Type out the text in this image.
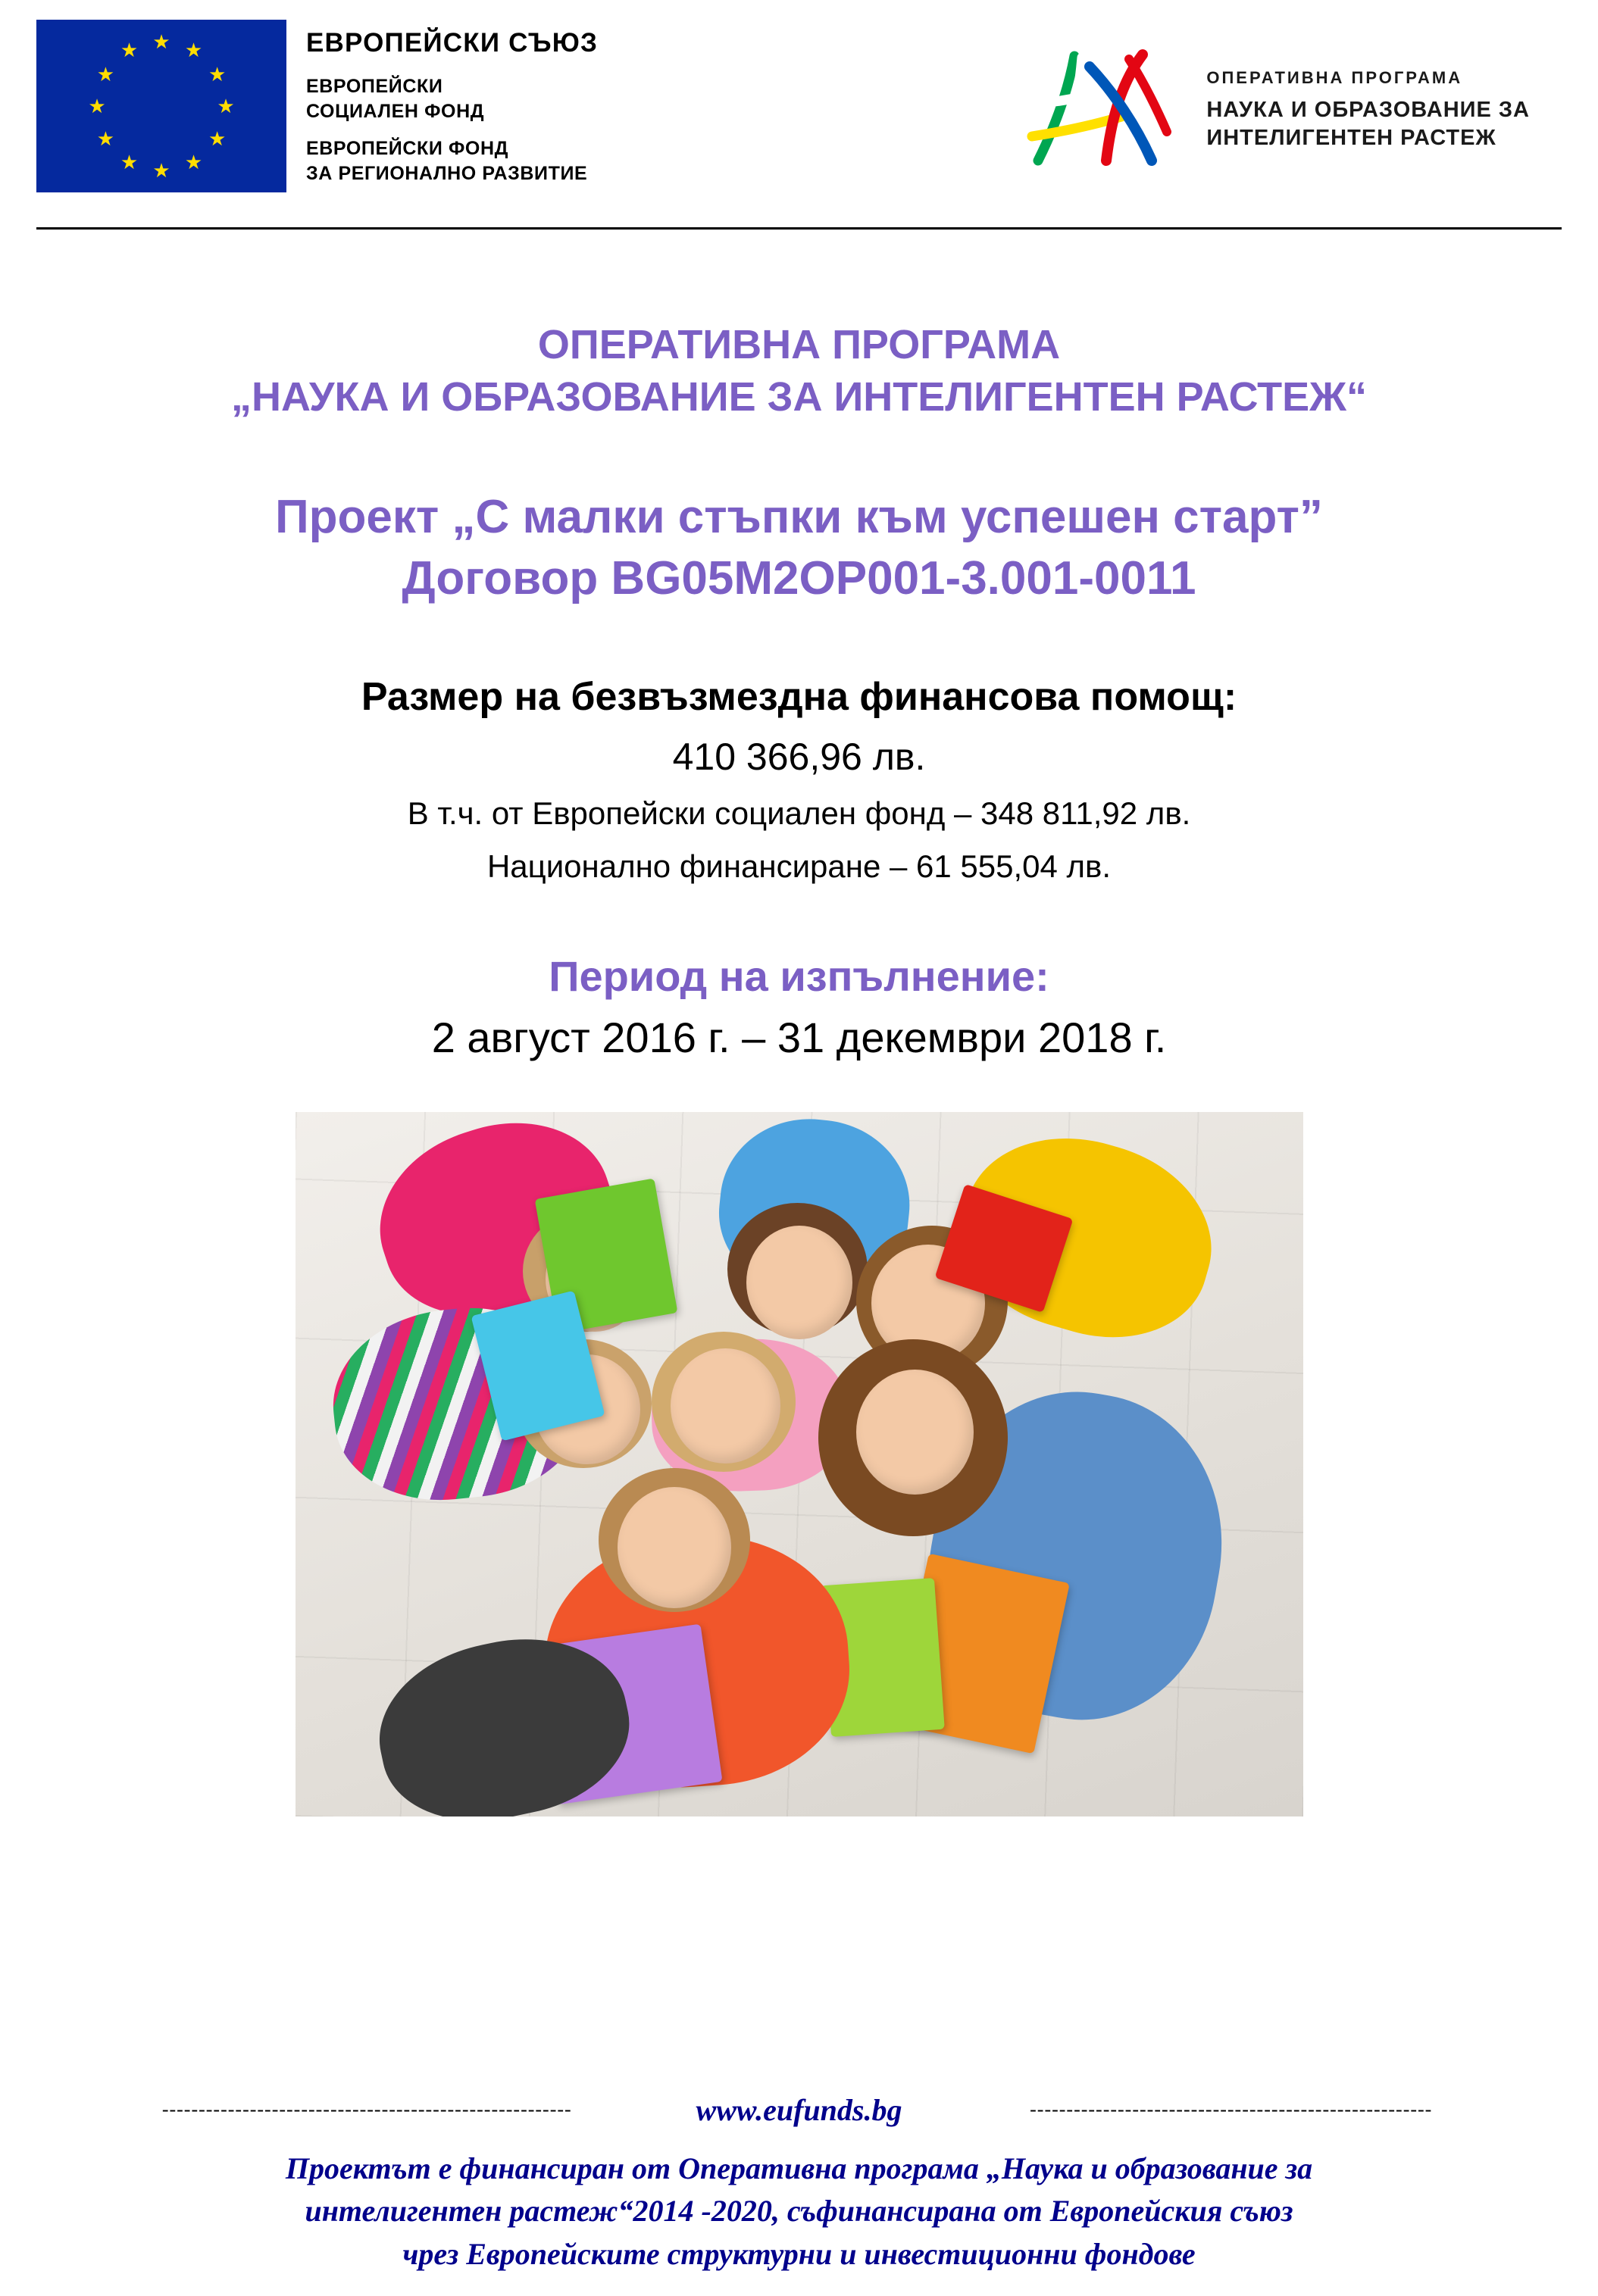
★ ★
★
★
★
★
★
★
★
★
★
★	ЕВРОПЕЙСКИ СЪЮЗ
ЕВРОПЕЙСКИ
СОЦИАЛЕН ФОНД
ЕВРОПЕЙСКИ ФОНД
ЗА РЕГИОНАЛНО РАЗВИТИЕ
ОПЕРАТИВНА ПРОГРАМА
НАУКА И ОБРАЗОВАНИЕ ЗА
ИНТЕЛИГЕНТЕН РАСТЕЖ
ОПЕРАТИВНА ПРОГРАМА
„НАУКА И ОБРАЗОВАНИЕ ЗА ИНТЕЛИГЕНТЕН РАСТЕЖ“
Проект „С малки стъпки към успешен старт”
Договор BG05M2OP001-3.001-0011
Размер на безвъзмездна финансова помощ:
410 366,96 лв.
В т.ч. от Европейски социален фонд – 348 811,92 лв.
Национално финансиране – 61 555,04 лв.
Период на изпълнение:
2 август 2016 г. – 31 декември 2018 г.
--------------------------------------------------------	www.eufunds.bg	-------------------------------------------------------
Проектът е финансиран от Оперативна програма „Наука и образование за
интелигентен растеж“2014 -2020, съфинансирана от Европейския съюз
чрез Европейските структурни и инвестиционни фондове
